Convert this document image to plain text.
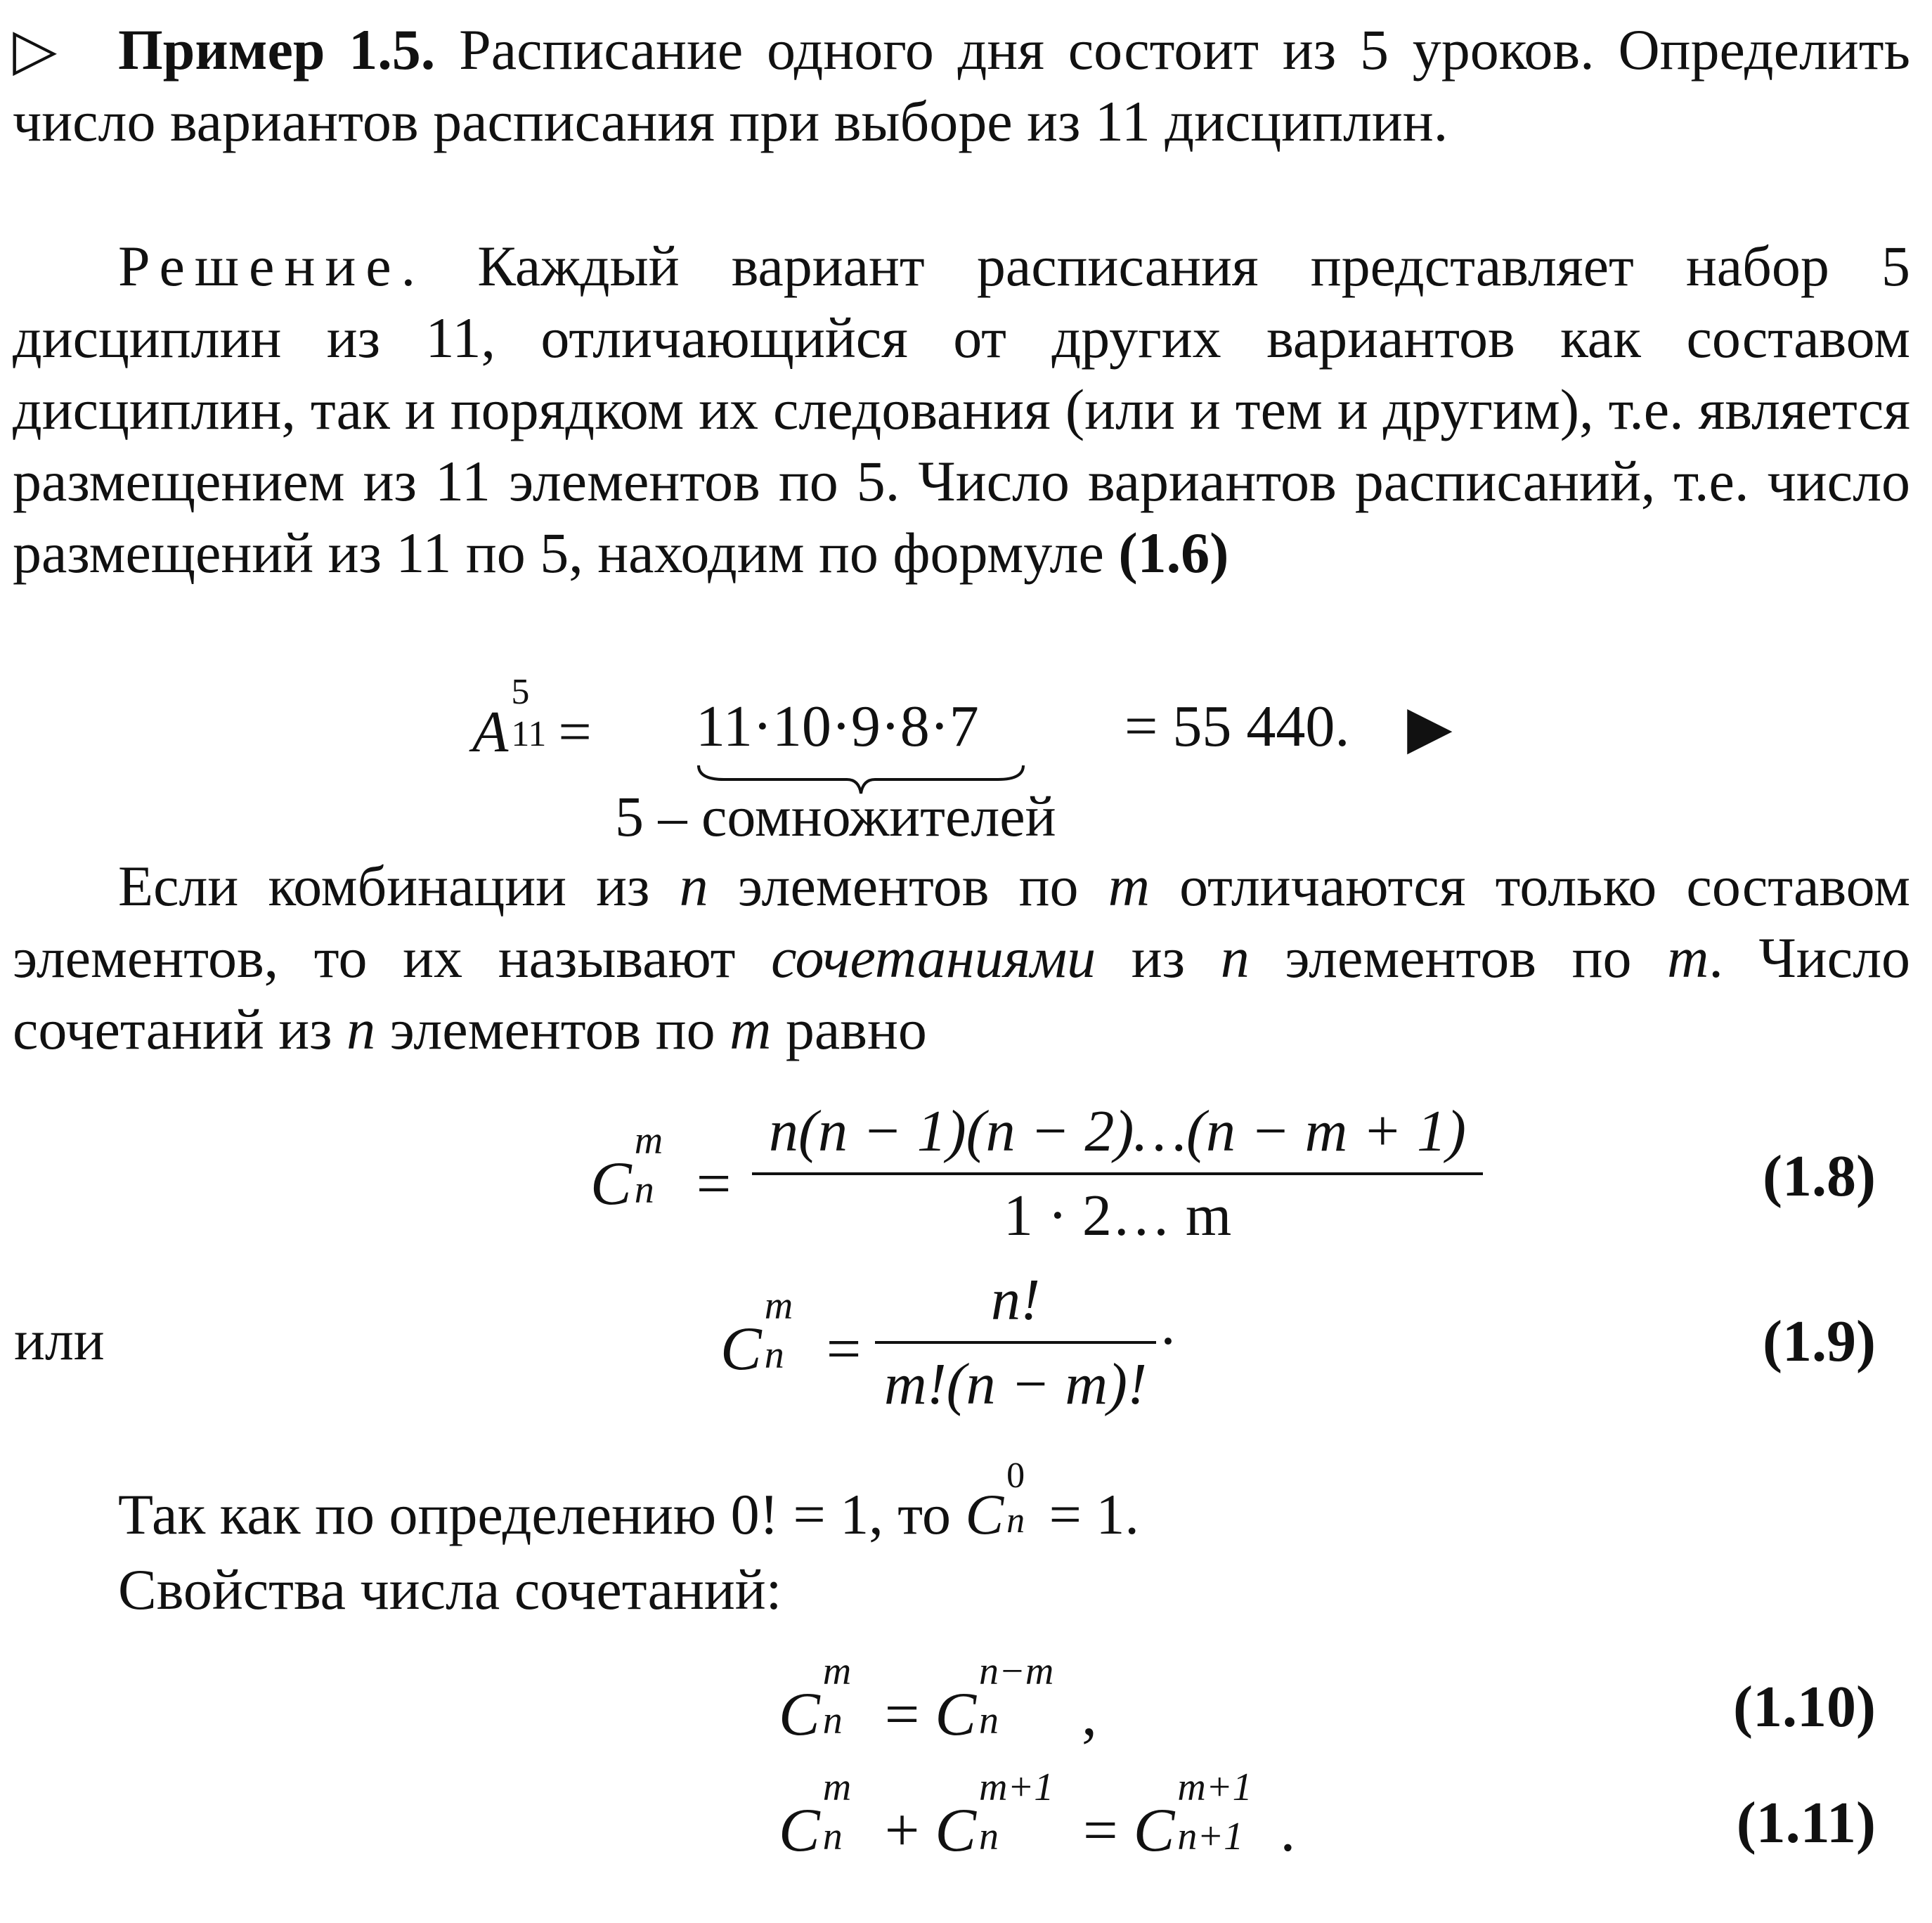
▷ Пример 1.5. Расписание одного дня состоит из 5 уроков. Определить число вариантов расписания при выборе из 11 дисциплин.
Решение. Каждый вариант расписания представляет набор 5 дисциплин из 11, отличающийся от других вариантов как составом дисциплин, так и порядком их следования (или и тем и другим), т.е. является размещением из 11 элементов по 5. Число вариантов расписаний, т.е. число размещений из 11 по 5, находим по формуле (1.6)
A
5
11 = 11·10·9·8·7 = 55 440. ▶
5 – сомножителей
Если комбинации из n элементов по m отличаются только составом элементов, то их называют сочетаниями из n элементов по m. Число сочетаний из n элементов по m равно
C
m
n =
n(n − 1)(n − 2)…(n − m + 1)
1 · 2… m
(1.8)
или	C
m
n =
n!
m!(n − m)!
·	(1.9)
Так как по определению 0! = 1, то C
0
n = 1.
Свойства числа сочетаний:
C
m
n = C
n−m
n ,	(1.10)
C
m
n + C
m+1
n = C
m+1
n+1 .	(1.11)
